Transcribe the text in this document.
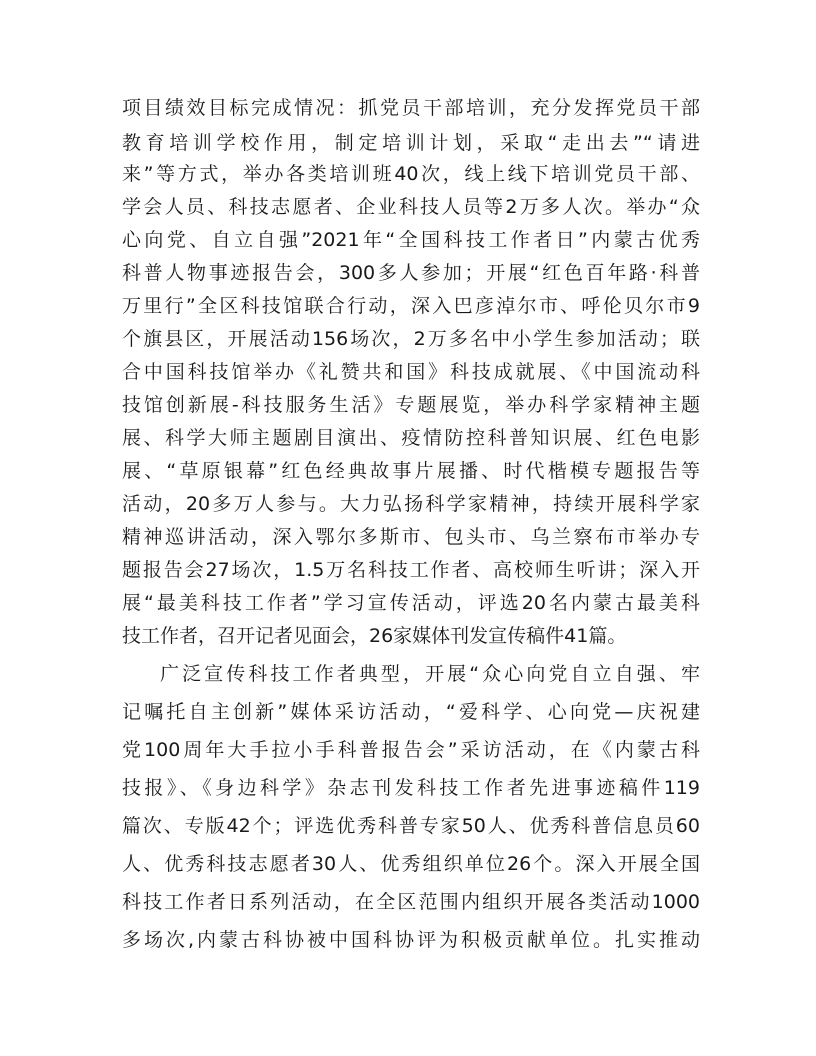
项目绩效目标完成情况：抓党员干部培训，充分发挥党员干部
教育培训学校作用，制定培训计划，采取“走出去”“请进
来”等方式，举办各类培训班40次，线上线下培训党员干部、
学会人员、科技志愿者、企业科技人员等2万多人次。举办“众
心向党、自立自强”2021年“全国科技工作者日”内蒙古优秀
科普人物事迹报告会，300多人参加；开展“红色百年路·科普
万里行”全区科技馆联合行动，深入巴彦淖尔市、呼伦贝尔市9
个旗县区，开展活动156场次，2万多名中小学生参加活动；联
合中国科技馆举办《礼赞共和国》科技成就展、《中国流动科
技馆创新展-科技服务生活》专题展览，举办科学家精神主题
展、科学大师主题剧目演出、疫情防控科普知识展、红色电影
展、“草原银幕”红色经典故事片展播、时代楷模专题报告等
活动，20多万人参与。大力弘扬科学家精神，持续开展科学家
精神巡讲活动，深入鄂尔多斯市、包头市、乌兰察布市举办专
题报告会27场次，1.5万名科技工作者、高校师生听讲；深入开
展“最美科技工作者”学习宣传活动，评选20名内蒙古最美科
技工作者，召开记者见面会，26家媒体刊发宣传稿件41篇。
广泛宣传科技工作者典型，开展“众心向党自立自强、牢
记嘱托自主创新”媒体采访活动，“爱科学、心向党—庆祝建
党100周年大手拉小手科普报告会”采访活动，在《内蒙古科
技报》、《身边科学》杂志刊发科技工作者先进事迹稿件119
篇次、专版42个；评选优秀科普专家50人、优秀科普信息员60
人、优秀科技志愿者30人、优秀组织单位26个。深入开展全国
科技工作者日系列活动，在全区范围内组织开展各类活动1000
多场次,内蒙古科协被中国科协评为积极贡献单位。扎实推动
